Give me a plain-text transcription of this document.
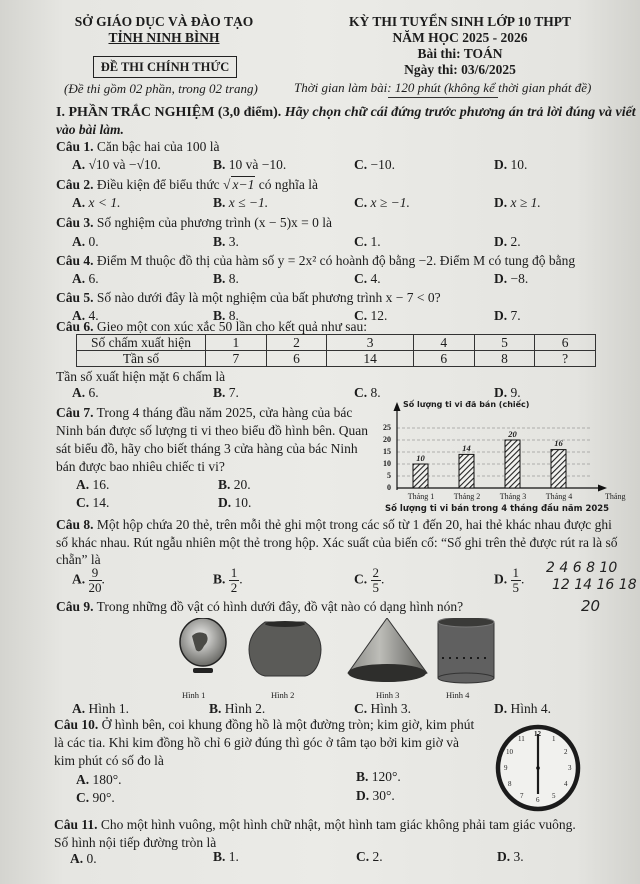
SỞ GIÁO DỤC VÀ ĐÀO TẠO
TỈNH NINH BÌNH
ĐỀ THI CHÍNH THỨC
(Đề thi gồm 02 phần, trong 02 trang)
KỲ THI TUYỂN SINH LỚP 10 THPT
NĂM HỌC 2025 - 2026
Bài thi: TOÁN
Ngày thi: 03/6/2025
Thời gian làm bài: 120 phút (không kể thời gian phát đề)
I. PHẦN TRẮC NGHIỆM (3,0 điểm). Hãy chọn chữ cái đứng trước phương án trả lời đúng và viết
vào bài làm.
Câu 1. Căn bậc hai của 100 là
A. √10 và −√10.	B. 10 và −10.	C. −10.	D. 10.
Câu 2. Điều kiện để biểu thức √ x−1 có nghĩa là
A. x < 1.	B. x ≤ −1.	C. x ≥ −1.	D. x ≥ 1.
Câu 3. Số nghiệm của phương trình (x − 5)x = 0 là
A. 0.	B. 3.	C. 1.	D. 2.
Câu 4. Điểm M thuộc đồ thị của hàm số y = 2x² có hoành độ bằng −2. Điểm M có tung độ bằng
A. 6.	B. 8.	C. 4.	D. −8.
Câu 5. Số nào dưới đây là một nghiệm của bất phương trình x − 7 < 0?
A. 4.	B. 8.	C. 12.	D. 7.
Câu 6. Gieo một con xúc xắc 50 lần cho kết quả như sau:
Số chấm xuất hiện	1	2	3	4	5	6
Tần số	7	6	14	6	8	?
Tần số xuất hiện mặt 6 chấm là
A. 6.	B. 7.	C. 8.	D. 9.
Câu 7. Trong 4 tháng đầu năm 2025, cửa hàng của bác
Ninh bán được số lượng ti vi theo biểu đồ hình bên. Quan
sát biểu đồ, hãy cho biết tháng 3 cửa hàng của bác Ninh
bán được bao nhiêu chiếc ti vi?
A. 16.	B. 20.
C. 14.	D. 10.
Số lượng ti vi đã bán (chiếc)
25
20
15
10
5
0
10
14
20
16
Tháng 1	Tháng 2	Tháng 3	Tháng 4	Tháng
Số lượng ti vi bán trong 4 tháng đầu năm 2025
Câu 8. Một hộp chứa 20 thẻ, trên mỗi thẻ ghi một trong các số từ 1 đến 20, hai thẻ khác nhau được ghi
số khác nhau. Rút ngẫu nhiên một thẻ trong hộp. Xác suất của biến cố: “Số ghi trên thẻ được rút ra là số
chẵn” là
A. $\frac{9}{20}$ .	B. $\frac{1}{2}$ .	C. $\frac{2}{5}$ .	D. $\frac{1}{5}$ .
2 4 6 8 10
12 14 16 18
20
Câu 9. Trong những đồ vật có hình dưới đây, đồ vật nào có dạng hình nón?
Hình 1	Hình 2	Hình 3	Hình 4
A. Hình 1.	B. Hình 2.	C. Hình 3.	D. Hình 4.
Câu 10. Ở hình bên, coi khung đồng hồ là một đường tròn; kim giờ, kim phút
là các tia. Khi kim đồng hồ chỉ 6 giờ đúng thì góc ở tâm tạo bởi kim giờ và
kim phút có số đo là
A. 180°.	B. 120°.
C. 90°.	D. 30°.
12
1
2
3
4
5
6
7
8
9
10
11
Câu 11. Cho một hình vuông, một hình chữ nhật, một hình tam giác không phải tam giác vuông.
Số hình nội tiếp đường tròn là
A. 0.	B. 1.	C. 2.	D. 3.
